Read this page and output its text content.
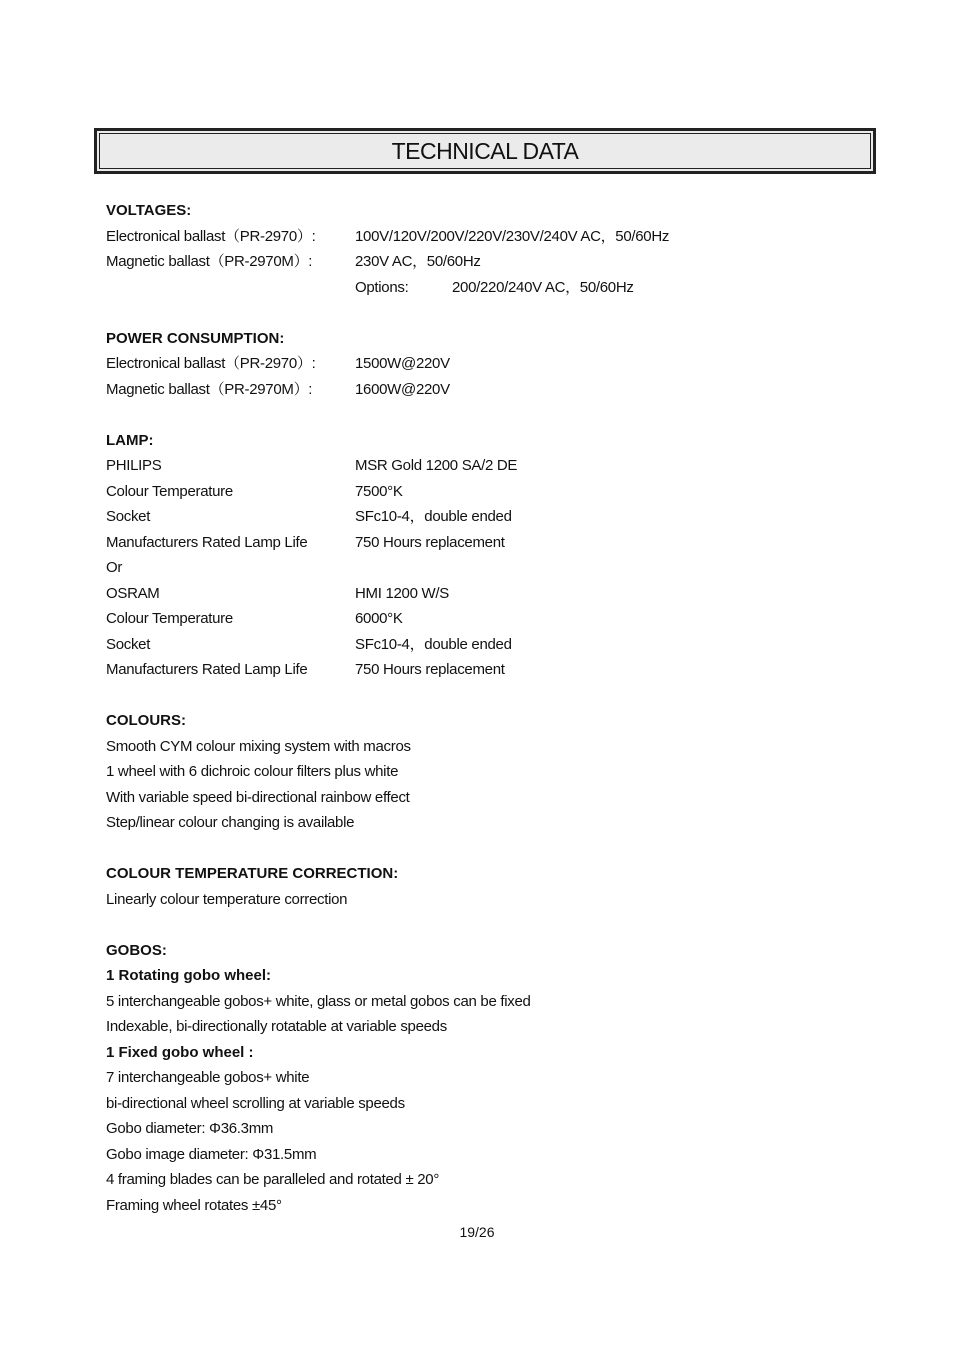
TECHNICAL DATA
VOLTAGES:
Electronical ballast（PR-2970）:	100V/120V/200V/220V/230V/240V AC，50/60Hz
Magnetic ballast（PR-2970M）:	230V AC，50/60Hz
Options:	200/220/240V AC，50/60Hz
POWER CONSUMPTION:
Electronical ballast（PR-2970）:	1500W@220V
Magnetic ballast（PR-2970M）:	1600W@220V
LAMP:
PHILIPS	MSR Gold 1200 SA/2 DE
Colour Temperature	7500°K
Socket	SFc10-4，double ended
Manufacturers Rated Lamp Life	750 Hours replacement
Or
OSRAM	HMI 1200 W/S
Colour Temperature	6000°K
Socket	SFc10-4，double ended
Manufacturers Rated Lamp Life	750 Hours replacement
COLOURS:
Smooth CYM colour mixing system with macros
1 wheel with 6 dichroic colour filters plus white
With variable speed bi-directional rainbow effect
Step/linear colour changing is available
COLOUR TEMPERATURE CORRECTION:
Linearly colour temperature correction
GOBOS:
1 Rotating gobo wheel:
5 interchangeable gobos+ white, glass or metal gobos can be fixed
Indexable, bi-directionally rotatable at variable speeds
1 Fixed gobo wheel :
7 interchangeable gobos+ white
bi-directional wheel scrolling at variable speeds
Gobo diameter: Φ36.3mm
Gobo image diameter: Φ31.5mm
4 framing blades can be paralleled and rotated ± 20°
Framing wheel rotates ±45°
19/26
